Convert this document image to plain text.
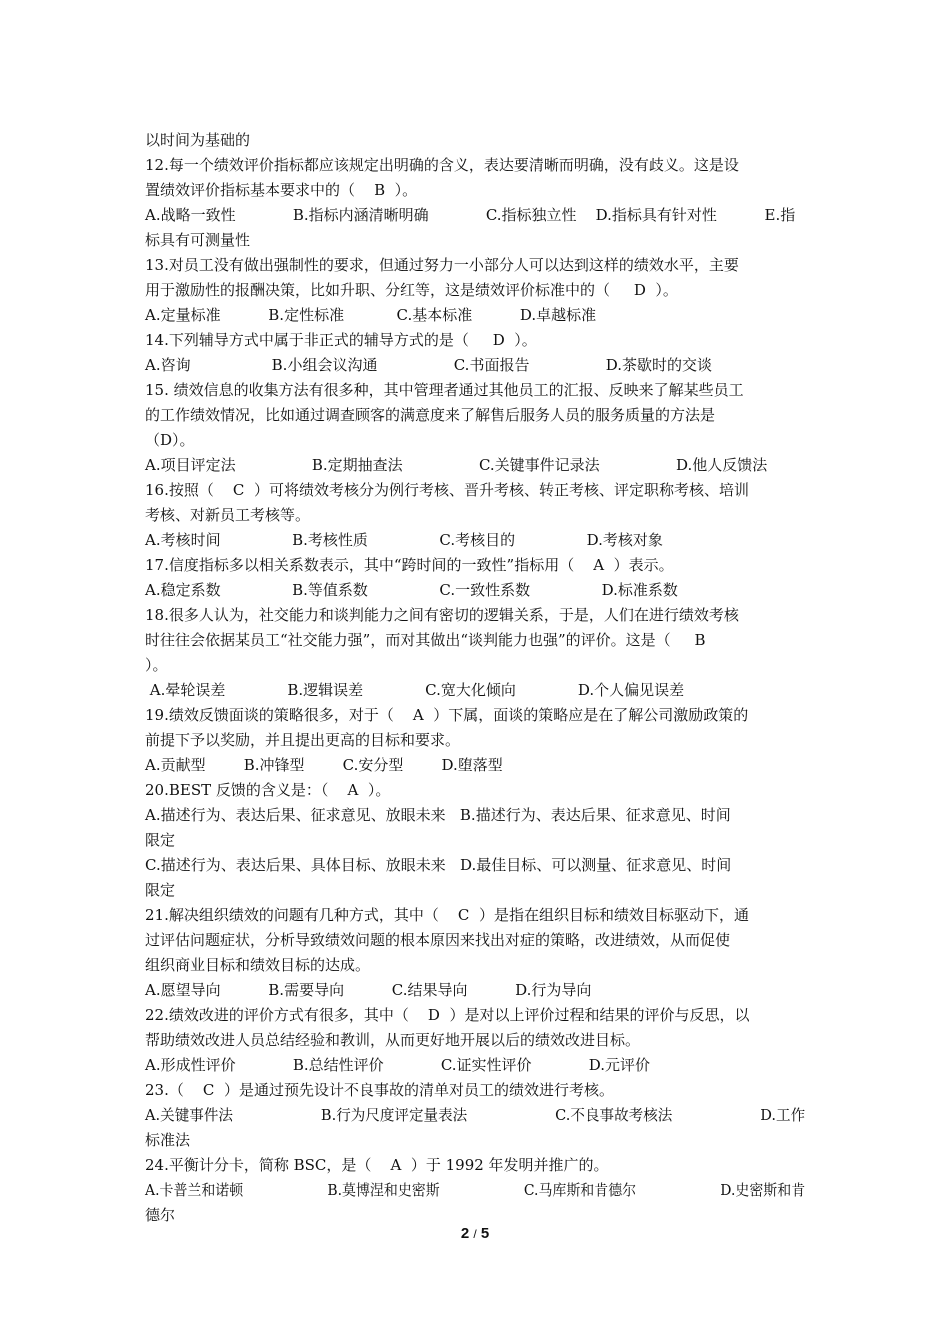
以时间为基础的
12.每一个绩效评价指标都应该规定出明确的含义，表达要清晰而明确，没有歧义。这是设
置绩效评价指标基本要求中的（    B  ）。
A.战略一致性            B.指标内涵清晰明确            C.指标独立性    D.指标具有针对性          E.指
标具有可测量性
13.对员工没有做出强制性的要求，但通过努力一小部分人可以达到这样的绩效水平，主要
用于激励性的报酬决策，比如升职、分红等，这是绩效评价标准中的（     D  ）。
A.定量标准          B.定性标准           C.基本标准          D.卓越标准
14.下列辅导方式中属于非正式的辅导方式的是（     D  ）。
A.咨询                 B.小组会议沟通                C.书面报告                D.茶歇时的交谈
15. 绩效信息的收集方法有很多种，其中管理者通过其他员工的汇报、反映来了解某些员工
的工作绩效情况，比如通过调查顾客的满意度来了解售后服务人员的服务质量的方法是
（D）。
A.项目评定法                B.定期抽查法                C.关键事件记录法                D.他人反馈法
16.按照（    C  ）可将绩效考核分为例行考核、晋升考核、转正考核、评定职称考核、培训
考核、对新员工考核等。
A.考核时间               B.考核性质               C.考核目的               D.考核对象
17.信度指标多以相关系数表示，其中“跨时间的一致性”指标用（    A  ）表示。
A.稳定系数               B.等值系数               C.一致性系数               D.标准系数
18.很多人认为，社交能力和谈判能力之间有密切的逻辑关系，于是，人们在进行绩效考核
时往往会依据某员工“社交能力强”，而对其做出“谈判能力也强”的评价。这是（     B
）。
A.晕轮误差             B.逻辑误差             C.宽大化倾向             D.个人偏见误差
19.绩效反馈面谈的策略很多，对于（    A  ）下属，面谈的策略应是在了解公司激励政策的
前提下予以奖励，并且提出更高的目标和要求。
A.贡献型        B.冲锋型        C.安分型        D.堕落型
20.BEST 反馈的含义是：（    A  ）。
A.描述行为、表达后果、征求意见、放眼未来   B.描述行为、表达后果、征求意见、时间
限定
C.描述行为、表达后果、具体目标、放眼未来   D.最佳目标、可以测量、征求意见、时间
限定
21.解决组织绩效的问题有几种方式，其中（    C  ）是指在组织目标和绩效目标驱动下，通
过评估问题症状，分析导致绩效问题的根本原因来找出对症的策略，改进绩效，从而促使
组织商业目标和绩效目标的达成。
A.愿望导向          B.需要导向          C.结果导向          D.行为导向
22.绩效改进的评价方式有很多，其中（    D  ）是对以上评价过程和结果的评价与反思，以
帮助绩效改进人员总结经验和教训，从而更好地开展以后的绩效改进目标。
A.形成性评价            B.总结性评价            C.证实性评价            D.元评价
23.（    C  ）是通过预先设计不良事故的清单对员工的绩效进行考核。
A.关键事件法                   B.行为尺度评定量表法                   C.不良事故考核法                   D.工作
标准法
24.平衡计分卡，简称 BSC，是（    A  ）于 1992 年发明并推广的。
A.卡普兰和诺顿                   B.莫博涅和史密斯                   C.马库斯和肯德尔                   D.史密斯和肯
德尔
2 / 5
